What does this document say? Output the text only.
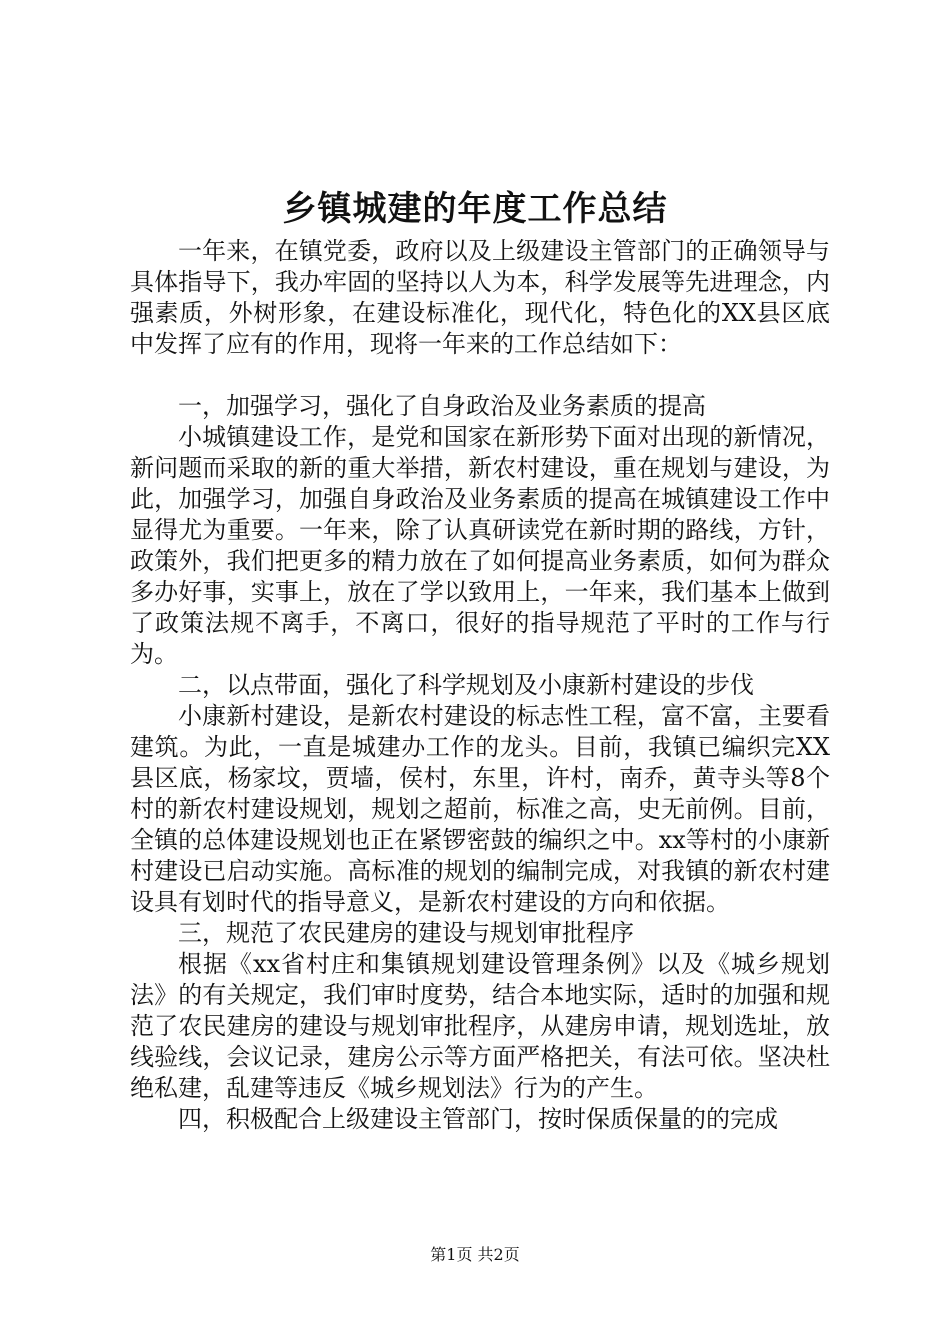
乡镇城建的年度工作总结

一年来，在镇党委，政府以及上级建设主管部门的正确领导与具体指导下，我办牢固的坚持以人为本，科学发展等先进理念，内强素质，外树形象，在建设标准化，现代化，特色化的XX县区底中发挥了应有的作用，现将一年来的工作总结如下：

一，加强学习，强化了自身政治及业务素质的提高

小城镇建设工作，是党和国家在新形势下面对出现的新情况，新问题而采取的新的重大举措，新农村建设，重在规划与建设，为此，加强学习，加强自身政治及业务素质的提高在城镇建设工作中显得尤为重要。一年来，除了认真研读党在新时期的路线，方针，政策外，我们把更多的精力放在了如何提高业务素质，如何为群众多办好事，实事上，放在了学以致用上，一年来，我们基本上做到了政策法规不离手，不离口，很好的指导规范了平时的工作与行为。

二，以点带面，强化了科学规划及小康新村建设的步伐

小康新村建设，是新农村建设的标志性工程，富不富，主要看建筑。为此，一直是城建办工作的龙头。目前，我镇已编织完XX县区底，杨家坟，贾墙，侯村，东里，许村，南乔，黄寺头等8个村的新农村建设规划，规划之超前，标准之高，史无前例。目前，全镇的总体建设规划也正在紧锣密鼓的编织之中。xx等村的小康新村建设已启动实施。高标准的规划的编制完成，对我镇的新农村建设具有划时代的指导意义，是新农村建设的方向和依据。

三，规范了农民建房的建设与规划审批程序

根据《xx省村庄和集镇规划建设管理条例》以及《城乡规划法》的有关规定，我们审时度势，结合本地实际，适时的加强和规范了农民建房的建设与规划审批程序，从建房申请，规划选址，放线验线，会议记录，建房公示等方面严格把关，有法可依。坚决杜绝私建，乱建等违反《城乡规划法》行为的产生。

四，积极配合上级建设主管部门，按时保质保量的的完成

第1页 共2页
